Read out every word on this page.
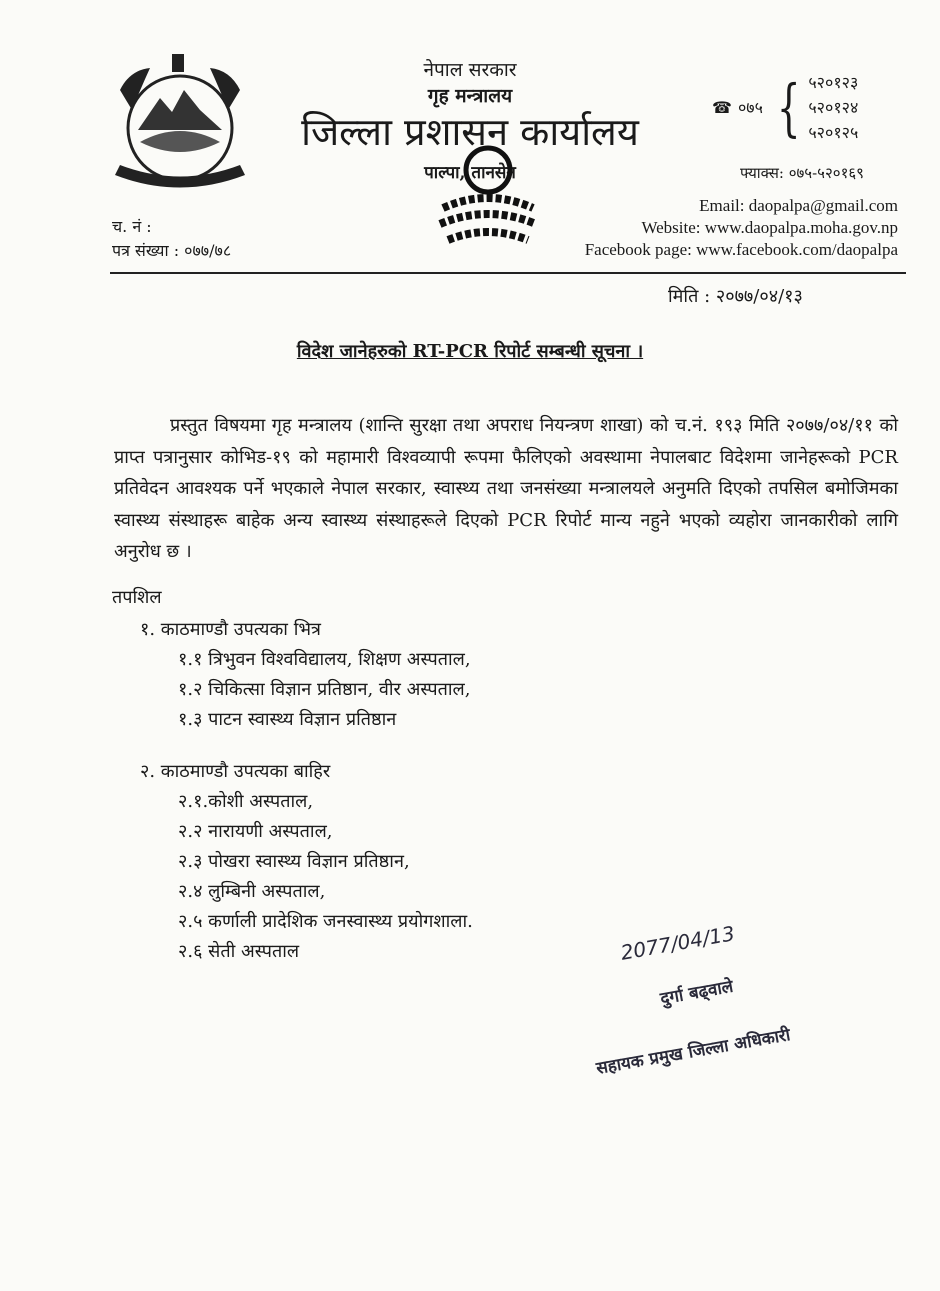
नेपाल सरकार
गृह मन्त्रालय
जिल्ला प्रशासन कार्यालय
पाल्पा, तानसेन
☎ ०७५ { ५२०१२३
५२०१२४
५२०१२५
फ्याक्स: ०७५-५२०१६९
Email: daopalpa@gmail.com
Website: www.daopalpa.moha.gov.np
Facebook page: www.facebook.com/daopalpa
च. नं :
पत्र संख्या : ०७७/७८
मिति : २०७७/०४/१३
विदेश जानेहरुको RT-PCR रिपोर्ट सम्बन्धी सूचना ।
प्रस्तुत विषयमा गृह मन्त्रालय (शान्ति सुरक्षा तथा अपराध नियन्त्रण शाखा) को च.नं. १९३ मिति २०७७/०४/११ को प्राप्त पत्रानुसार कोभिड-१९ को महामारी विश्वव्यापी रूपमा फैलिएको अवस्थामा नेपालबाट विदेशमा जानेहरूको PCR प्रतिवेदन आवश्यक पर्ने भएकाले नेपाल सरकार, स्वास्थ्य तथा जनसंख्या मन्त्रालयले अनुमति दिएको तपसिल बमोजिमका स्वास्थ्य संस्थाहरू बाहेक अन्य स्वास्थ्य संस्थाहरूले दिएको PCR रिपोर्ट मान्य नहुने भएको व्यहोरा जानकारीको लागि अनुरोध छ ।
तपशिल
१. काठमाण्डौ उपत्यका भित्र
१.१ त्रिभुवन विश्वविद्यालय, शिक्षण अस्पताल,
१.२ चिकित्सा विज्ञान प्रतिष्ठान, वीर अस्पताल,
१.३ पाटन स्वास्थ्य विज्ञान प्रतिष्ठान
२. काठमाण्डौ उपत्यका बाहिर
२.१.कोशी अस्पताल,
२.२ नारायणी अस्पताल,
२.३ पोखरा स्वास्थ्य विज्ञान प्रतिष्ठान,
२.४ लुम्बिनी अस्पताल,
२.५ कर्णाली प्रादेशिक जनस्वास्थ्य प्रयोगशाला.
२.६ सेती अस्पताल	2077/04/13
दुर्गा बढ्वाले
सहायक प्रमुख जिल्ला अधिकारी
